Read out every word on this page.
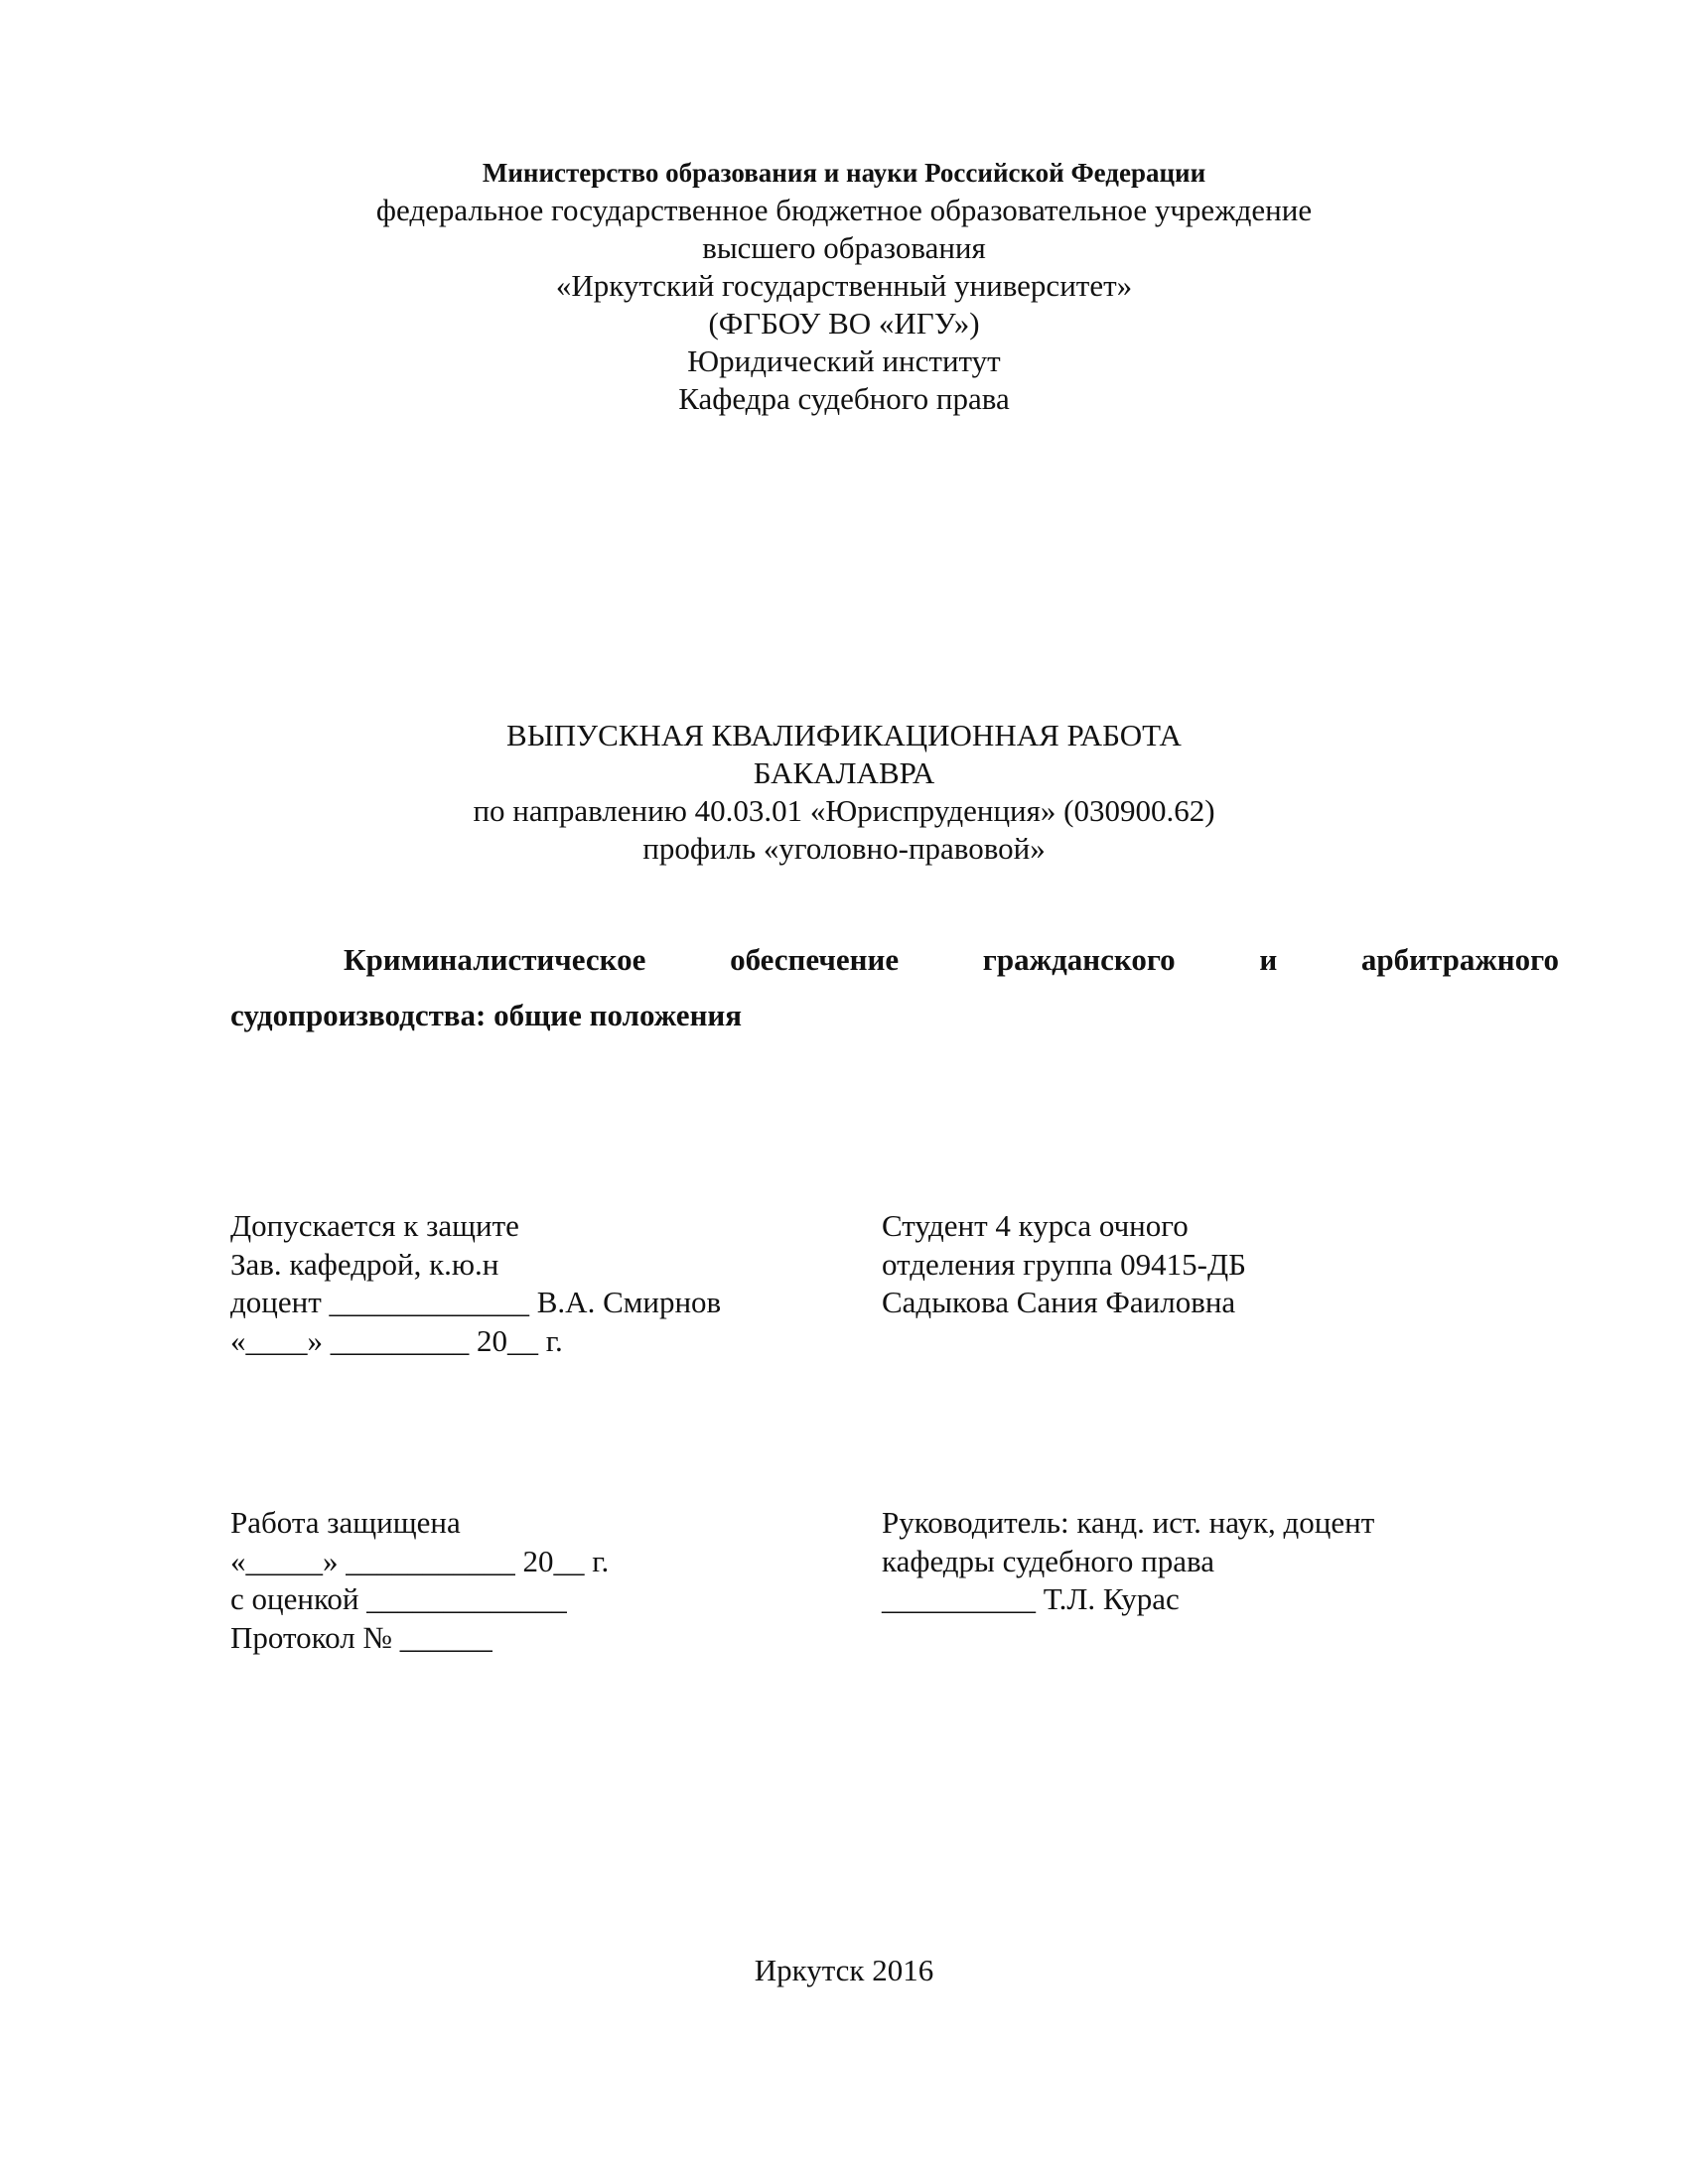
Министерство образования и науки Российской Федерации
федеральное государственное бюджетное образовательное учреждение
высшего образования
«Иркутский государственный университет»
(ФГБОУ ВО «ИГУ»)
Юридический институт
Кафедра судебного права
ВЫПУСКНАЯ КВАЛИФИКАЦИОННАЯ РАБОТА
БАКАЛАВРА
по направлению 40.03.01 «Юриспруденция» (030900.62)
профиль «уголовно-правовой»
Криминалистическое	обеспечение	гражданского	и	арбитражного
судопроизводства: общие положения
Допускается к защите
Зав. кафедрой, к.ю.н
доцент _____________ В.А. Смирнов
«____» _________ 20__ г.
Студент 4 курса очного
отделения группа 09415-ДБ
Садыкова Сания Фаиловна
Работа защищена
«_____» ___________ 20__ г.
с оценкой _____________
Протокол № ______
Руководитель: канд. ист. наук, доцент
кафедры судебного права
__________ Т.Л. Курас
Иркутск 2016
